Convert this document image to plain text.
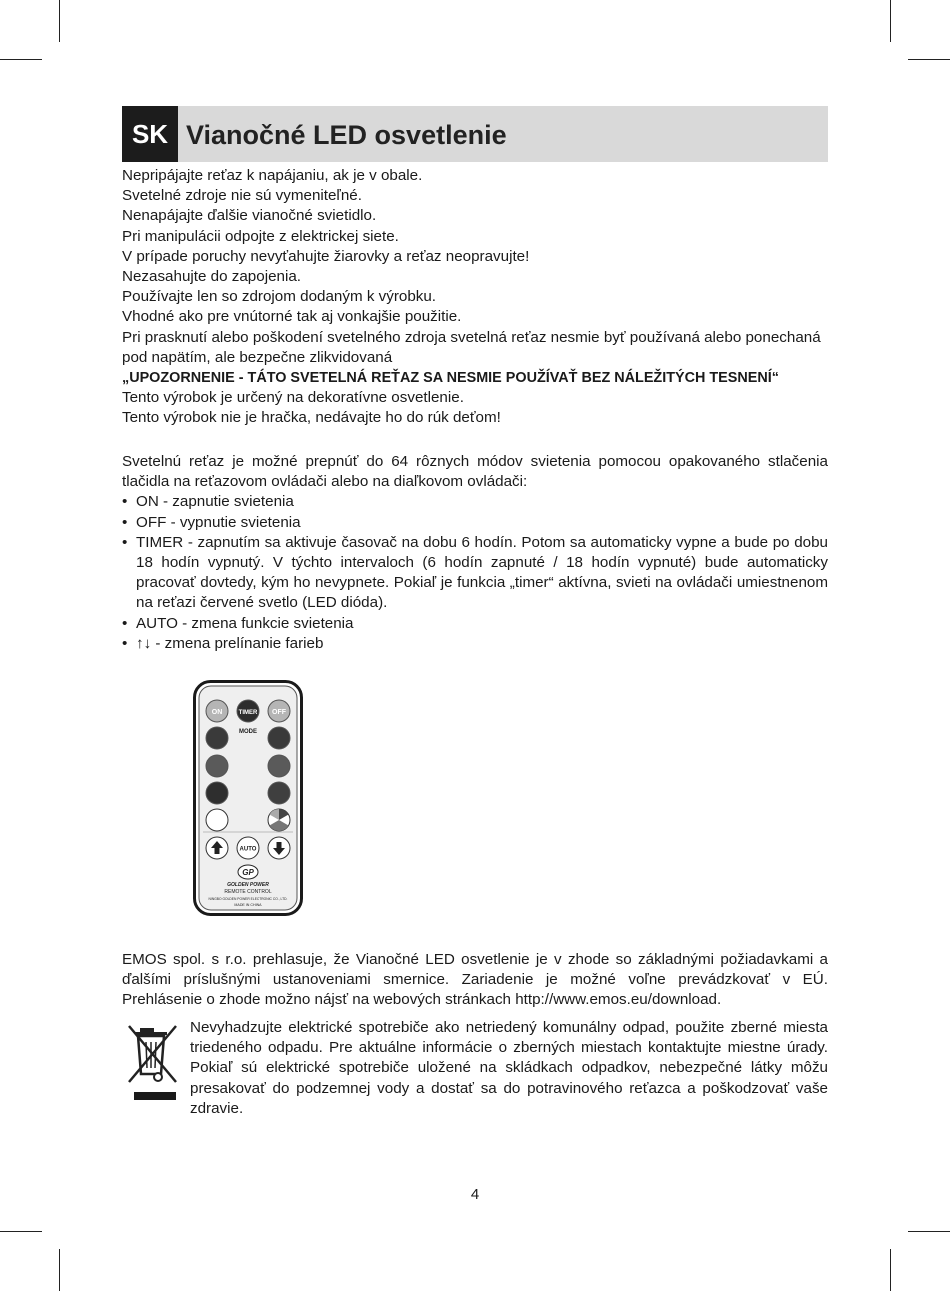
SK Vianočné LED osvetlenie

Nepripájajte reťaz k napájaniu, ak je v obale.

Svetelné zdroje nie sú vymeniteľné.

Nenapájajte ďalšie vianočné svietidlo.

Pri manipulácii odpojte z elektrickej siete.

V prípade poruchy nevyťahujte žiarovky a reťaz neopravujte!

Nezasahujte do zapojenia.

Používajte len so zdrojom dodaným k výrobku.

Vhodné ako pre vnútorné tak aj vonkajšie použitie.

Pri prasknutí alebo poškodení svetelného zdroja svetelná reťaz nesmie byť používaná alebo ponechaná pod napätím, ale bezpečne zlikvidovaná

„UPOZORNENIE - TÁTO SVETELNÁ REŤAZ SA NESMIE POUŽÍVAŤ BEZ NÁLEŽITÝCH TESNENÍ“

Tento výrobok je určený na dekoratívne osvetlenie.

Tento výrobok nie je hračka, nedávajte ho do rúk deťom!

Svetelnú reťaz je možné prepnúť do 64 rôznych módov svietenia pomocou opakovaného stlačenia tlačidla na reťazovom ovládači alebo na diaľkovom ovládači:

• ON - zapnutie svietenia
• OFF - vypnutie svietenia
• TIMER - zapnutím sa aktivuje časovač na dobu 6 hodín. Potom sa automaticky vypne a bude po dobu 18 hodín vypnutý. V týchto intervaloch (6 hodín zapnuté / 18 hodín vypnuté) bude automaticky pracovať dovtedy, kým ho nevypnete. Pokiaľ je funkcia „timer“ aktívna, svieti na ovládači umiestnenom na reťazi červené svetlo (LED dióda).
• AUTO - zmena funkcie svietenia
• ↑↓ - zmena prelínanie farieb
ON	TIMER OFF
MODE
AUTO
GP
GOLDEN POWER
REMOTE CONTROL
NINGBO GOLDEN POWER ELECTRONIC CO., LTD.
MADE IN CHINA
EMOS spol. s r.o. prehlasuje, že Vianočné LED osvetlenie je v zhode so základnými požiadavkami a ďalšími príslušnými ustanoveniami smernice. Zariadenie je možné voľne prevádzkovať v EÚ. Prehlásenie o zhode možno nájsť na webových stránkach http://www.emos.eu/download.
Nevyhadzujte elektrické spotrebiče ako netriedený komunálny odpad, použite zberné miesta triedeného odpadu. Pre aktuálne informácie o zberných miestach kontaktujte miestne úrady. Pokiaľ sú elektrické spotrebiče uložené na skládkach odpadkov, nebezpečné látky môžu presakovať do podzemnej vody a dostať sa do potravinového reťazca a poškodzovať vaše zdravie.
4
